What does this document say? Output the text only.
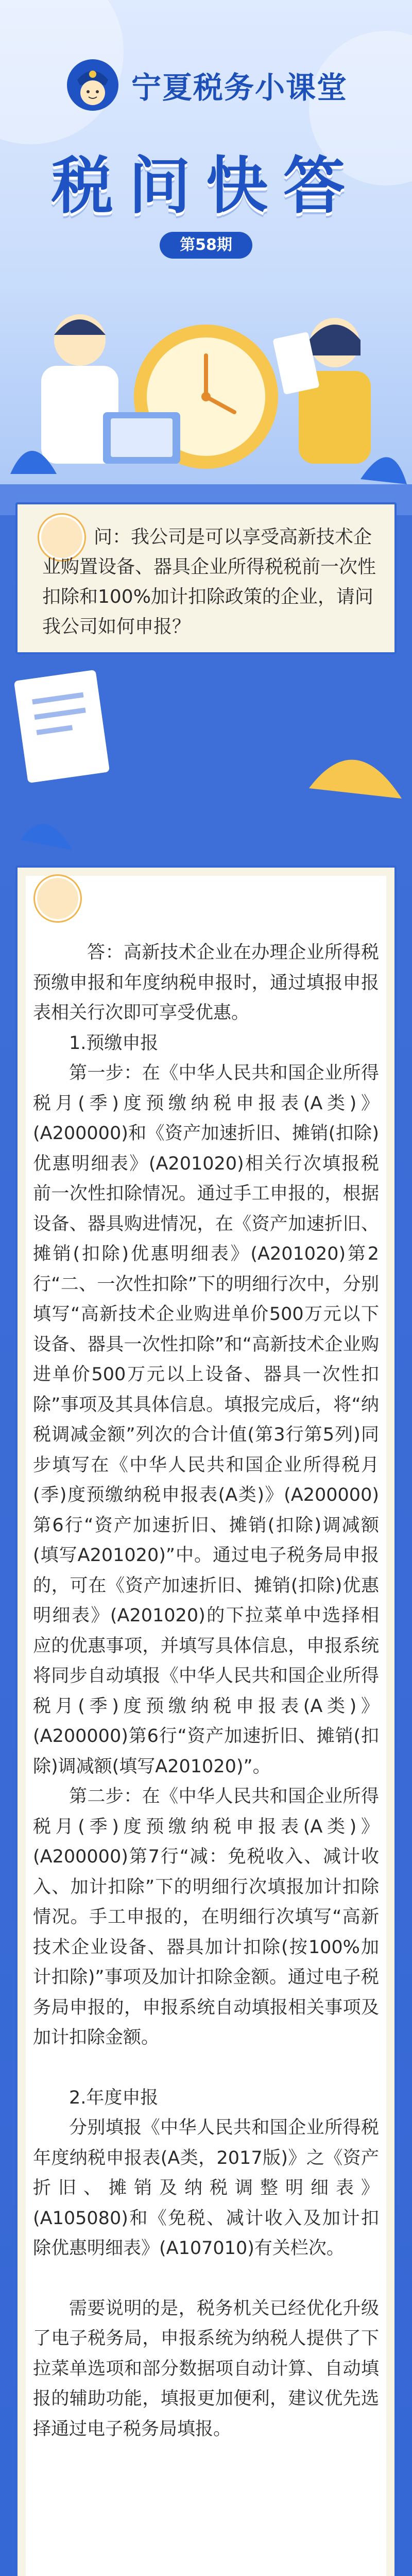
宁夏税务小课堂
税问快答
第58期
问：我公司是可以享受高新技术企业购置设备、器具企业所得税税前一次性扣除和100%加计扣除政策的企业，请问我公司如何申报？

答：高新技术企业在办理企业所得税预缴申报和年度纳税申报时，通过填报申报表相关行次即可享受优惠。

1.预缴申报

第一步：在《中华人民共和国企业所得税月(季)度预缴纳税申报表(A类)》(A200000)和《资产加速折旧、摊销(扣除)优惠明细表》(A201020)相关行次填报税前一次性扣除情况。通过手工申报的，根据设备、器具购进情况，在《资产加速折旧、摊销(扣除)优惠明细表》(A201020)第2行“二、一次性扣除”下的明细行次中，分别填写“高新技术企业购进单价500万元以下设备、器具一次性扣除”和“高新技术企业购进单价500万元以上设备、器具一次性扣除”事项及其具体信息。填报完成后，将“纳税调减金额”列次的合计值(第3行第5列)同步填写在《中华人民共和国企业所得税月(季)度预缴纳税申报表(A类)》(A200000)第6行“资产加速折旧、摊销(扣除)调减额(填写A201020)”中。通过电子税务局申报的，可在《资产加速折旧、摊销(扣除)优惠明细表》(A201020)的下拉菜单中选择相应的优惠事项，并填写具体信息，申报系统将同步自动填报《中华人民共和国企业所得税月(季)度预缴纳税申报表(A类)》(A200000)第6行“资产加速折旧、摊销(扣除)调减额(填写A201020)”。

第二步：在《中华人民共和国企业所得税月(季)度预缴纳税申报表(A类)》(A200000)第7行“减：免税收入、减计收入、加计扣除”下的明细行次填报加计扣除情况。手工申报的，在明细行次填写“高新技术企业设备、器具加计扣除(按100%加计扣除)”事项及加计扣除金额。通过电子税务局申报的，申报系统自动填报相关事项及加计扣除金额。

2.年度申报

分别填报《中华人民共和国企业所得税年度纳税申报表(A类，2017版)》之《资产折旧、摊销及纳税调整明细表》(A105080)和《免税、减计收入及加计扣除优惠明细表》(A107010)有关栏次。

需要说明的是，税务机关已经优化升级了电子税务局，申报系统为纳税人提供了下拉菜单选项和部分数据项自动计算、自动填报的辅助功能，填报更加便利，建议优先选择通过电子税务局填报。
